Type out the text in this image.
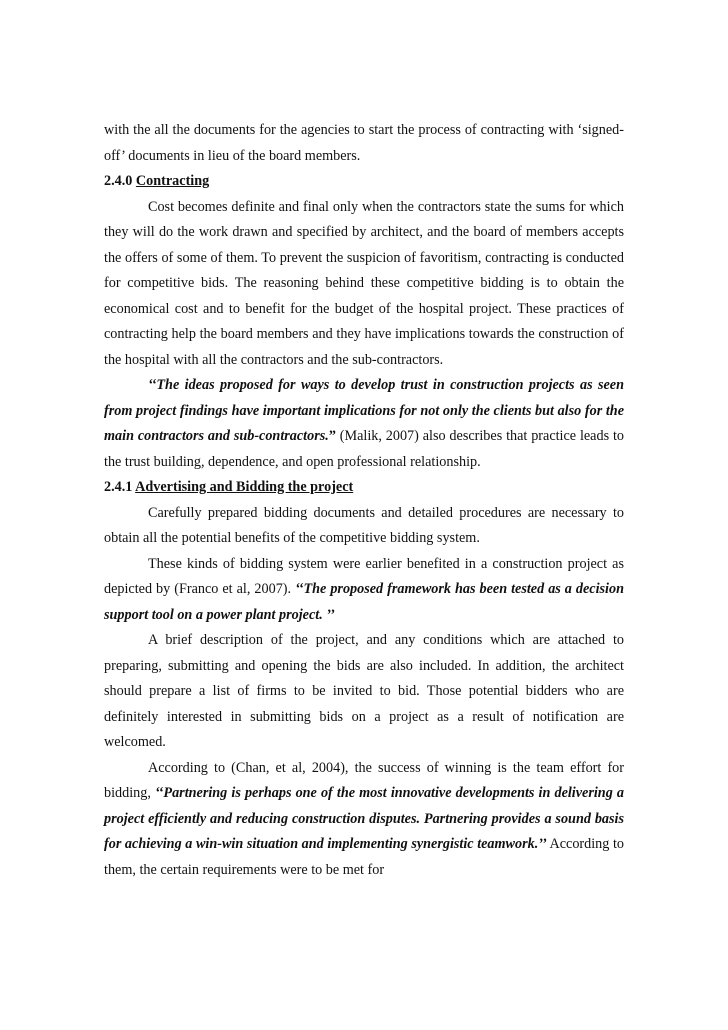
with the all the documents for the agencies to start the process of contracting with ‘signed-off’ documents in lieu of the board members.

2.4.0 Contracting

Cost becomes definite and final only when the contractors state the sums for which they will do the work drawn and specified by architect, and the board of members accepts the offers of some of them. To prevent the suspicion of favoritism, contracting is conducted for competitive bids. The reasoning behind these competitive bidding is to obtain the economical cost and to benefit for the budget of the hospital project. These practices of contracting help the board members and they have implications towards the construction of the hospital with all the contractors and the sub-contractors.

‘‘The ideas proposed for ways to develop trust in construction projects as seen from project findings have important implications for not only the clients but also for the main contractors and sub-contractors.” (Malik, 2007) also describes that practice leads to the trust building, dependence, and open professional relationship.

2.4.1 Advertising and Bidding the project

Carefully prepared bidding documents and detailed procedures are necessary to obtain all the potential benefits of the competitive bidding system.

These kinds of bidding system were earlier benefited in a construction project as depicted by (Franco et al, 2007). ‘‘The proposed framework has been tested as a decision support tool on a power plant project. ’’

A brief description of the project, and any conditions which are attached to preparing, submitting and opening the bids are also included. In addition, the architect should prepare a list of firms to be invited to bid. Those potential bidders who are definitely interested in submitting bids on a project as a result of notification are welcomed.

According to (Chan, et al, 2004), the success of winning is the team effort for bidding, ‘‘Partnering is perhaps one of the most innovative developments in delivering a project efficiently and reducing construction disputes. Partnering provides a sound basis for achieving a win-win situation and implementing synergistic teamwork.’’ According to them, the certain requirements were to be met for
